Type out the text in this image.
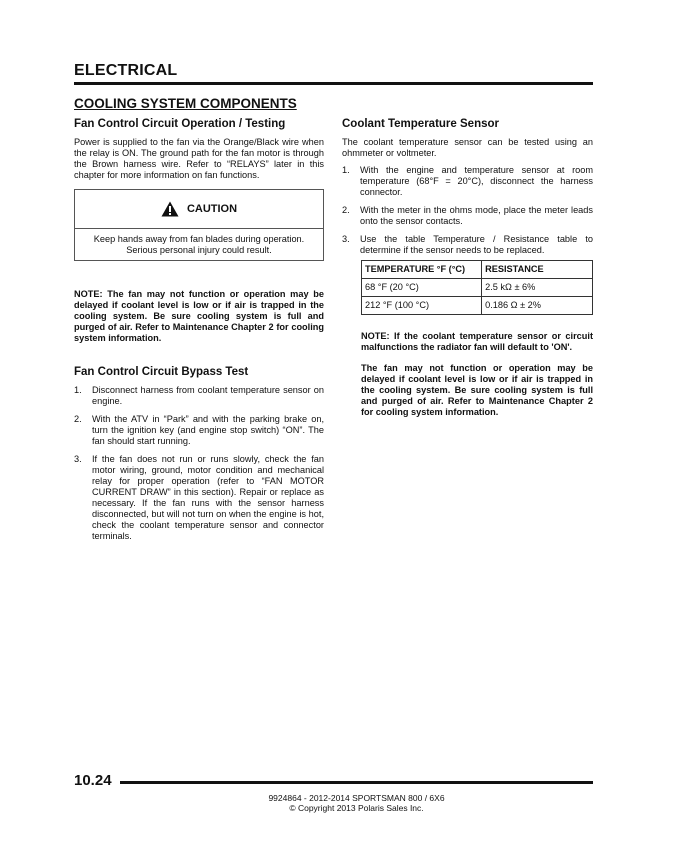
ELECTRICAL
COOLING SYSTEM COMPONENTS
Fan Control Circuit Operation / Testing

Power is supplied to the fan via the Orange/Black wire when the relay is ON. The ground path for the fan motor is through the Brown harness wire. Refer to “RELAYS” later in this chapter for more information on fan functions.

CAUTION
Keep hands away from fan blades during operation. Serious personal injury could result.

NOTE: The fan may not function or operation may be delayed if coolant level is low or if air is trapped in the cooling system. Be sure cooling system is full and purged of air. Refer to Maintenance Chapter 2 for cooling system information.

Fan Control Circuit Bypass Test
1.	Disconnect harness from coolant temperature sensor on engine.
2.	With the ATV in “Park” and with the parking brake on, turn the ignition key (and engine stop switch) “ON”. The fan should start running.
3.	If the fan does not run or runs slowly, check the fan motor wiring, ground, motor condition and mechanical relay for proper operation (refer to “FAN MOTOR CURRENT DRAW” in this section). Repair or replace as necessary. If the fan runs with the sensor harness disconnected, but will not turn on when the engine is hot, check the coolant temperature sensor and connector terminals.
Coolant Temperature Sensor

The coolant temperature sensor can be tested using an ohmmeter or voltmeter.

1.	With the engine and temperature sensor at room temperature (68°F = 20°C), disconnect the harness connector.
2.	With the meter in the ohms mode, place the meter leads onto the sensor contacts.
3.	Use the table Temperature / Resistance table to determine if the sensor needs to be replaced.
TEMPERATURE °F (°C)	RESISTANCE
68 °F (20 °C)	2.5 kΩ ± 6%
212 °F (100 °C)	0.186 Ω ± 2%

NOTE: If the coolant temperature sensor or circuit malfunctions the radiator fan will default to 'ON'.

The fan may not function or operation may be delayed if coolant level is low or if air is trapped in the cooling system. Be sure cooling system is full and purged of air. Refer to Maintenance Chapter 2 for cooling system information.

10.24
9924864 - 2012-2014 SPORTSMAN 800 / 6X6
© Copyright 2013 Polaris Sales Inc.
